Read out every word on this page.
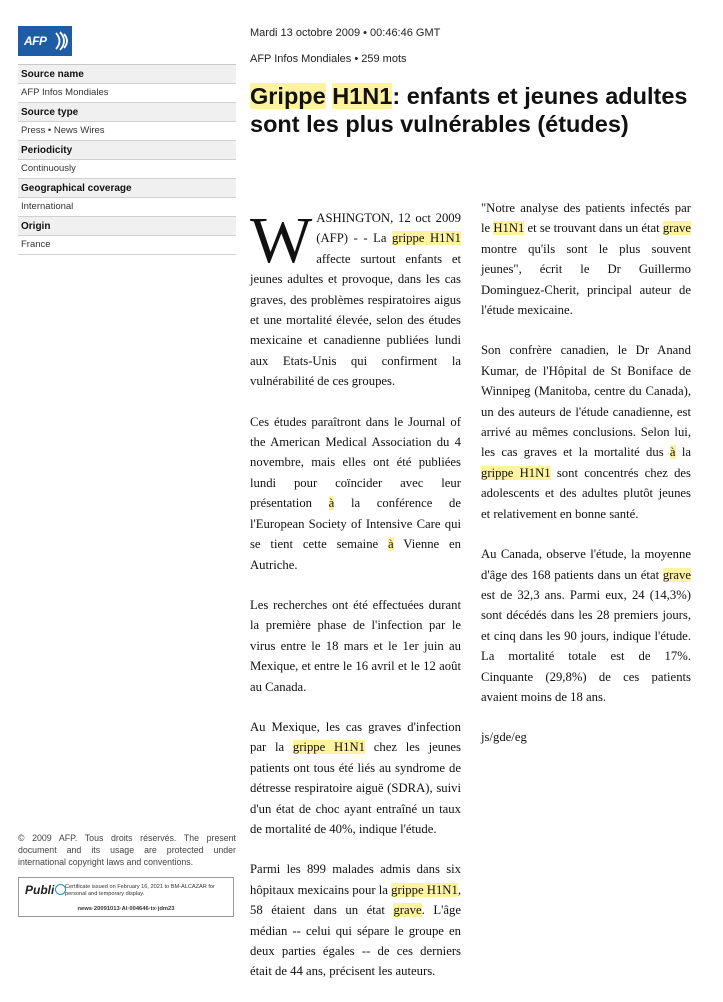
AFP
Source name
AFP Infos Mondiales
Source type
Press • News Wires
Periodicity
Continuously
Geographical coverage
International
Origin
France
© 2009 AFP. Tous droits réservés. The present document and its usage are protected under international copyright laws and conventions.
Publi	Certificate issued on February 16, 2021 to BM-ALCAZAR for personal and temporary display.
news·20091013·AI·004646·tx·jdm23
Mardi 13 octobre 2009 • 00:46:46 GMT
AFP Infos Mondiales • 259 mots
Grippe H1N1: enfants et jeunes adultes sont les plus vulnérables (études)

WASHINGTON, 12 oct 2009 (AFP) - - La grippe H1N1 affecte surtout enfants et jeunes adultes et provoque, dans les cas graves, des problèmes respiratoires aigus et une mortalité élevée, selon des études mexicaine et canadienne publiées lundi aux Etats-Unis qui confirment la vulnérabilité de ces groupes.

Ces études paraîtront dans le Journal of the American Medical Association du 4 novembre, mais elles ont été publiées lundi pour coïncider avec leur présentation à la conférence de l'European Society of Intensive Care qui se tient cette semaine à Vienne en Autriche.

Les recherches ont été effectuées durant la première phase de l'infection par le virus entre le 18 mars et le 1er juin au Mexique, et entre le 16 avril et le 12 août au Canada.

Au Mexique, les cas graves d'infection par la grippe H1N1 chez les jeunes patients ont tous été liés au syndrome de détresse respiratoire aiguë (SDRA), suivi d'un état de choc ayant entraîné un taux de mortalité de 40%, indique l'étude.

Parmi les 899 malades admis dans six hôpitaux mexicains pour la grippe H1N1, 58 étaient dans un état grave. L'âge médian -- celui qui sépare le groupe en deux parties égales -- de ces derniers était de 44 ans, précisent les auteurs.

"Notre analyse des patients infectés par le H1N1 et se trouvant dans un état grave montre qu'ils sont le plus souvent jeunes", écrit le Dr Guillermo Dominguez-Cherit, principal auteur de l'étude mexicaine.

Son confrère canadien, le Dr Anand Kumar, de l'Hôpital de St Boniface de Winnipeg (Manitoba, centre du Canada), un des auteurs de l'étude canadienne, est arrivé au mêmes conclusions. Selon lui, les cas graves et la mortalité dus à la grippe H1N1 sont concentrés chez des adolescents et des adultes plutôt jeunes et relativement en bonne santé.

Au Canada, observe l'étude, la moyenne d'âge des 168 patients dans un état grave est de 32,3 ans. Parmi eux, 24 (14,3%) sont décédés dans les 28 premiers jours, et cinq dans les 90 jours, indique l'étude. La mortalité totale est de 17%. Cinquante (29,8%) de ces patients avaient moins de 18 ans.

js/gde/eg
